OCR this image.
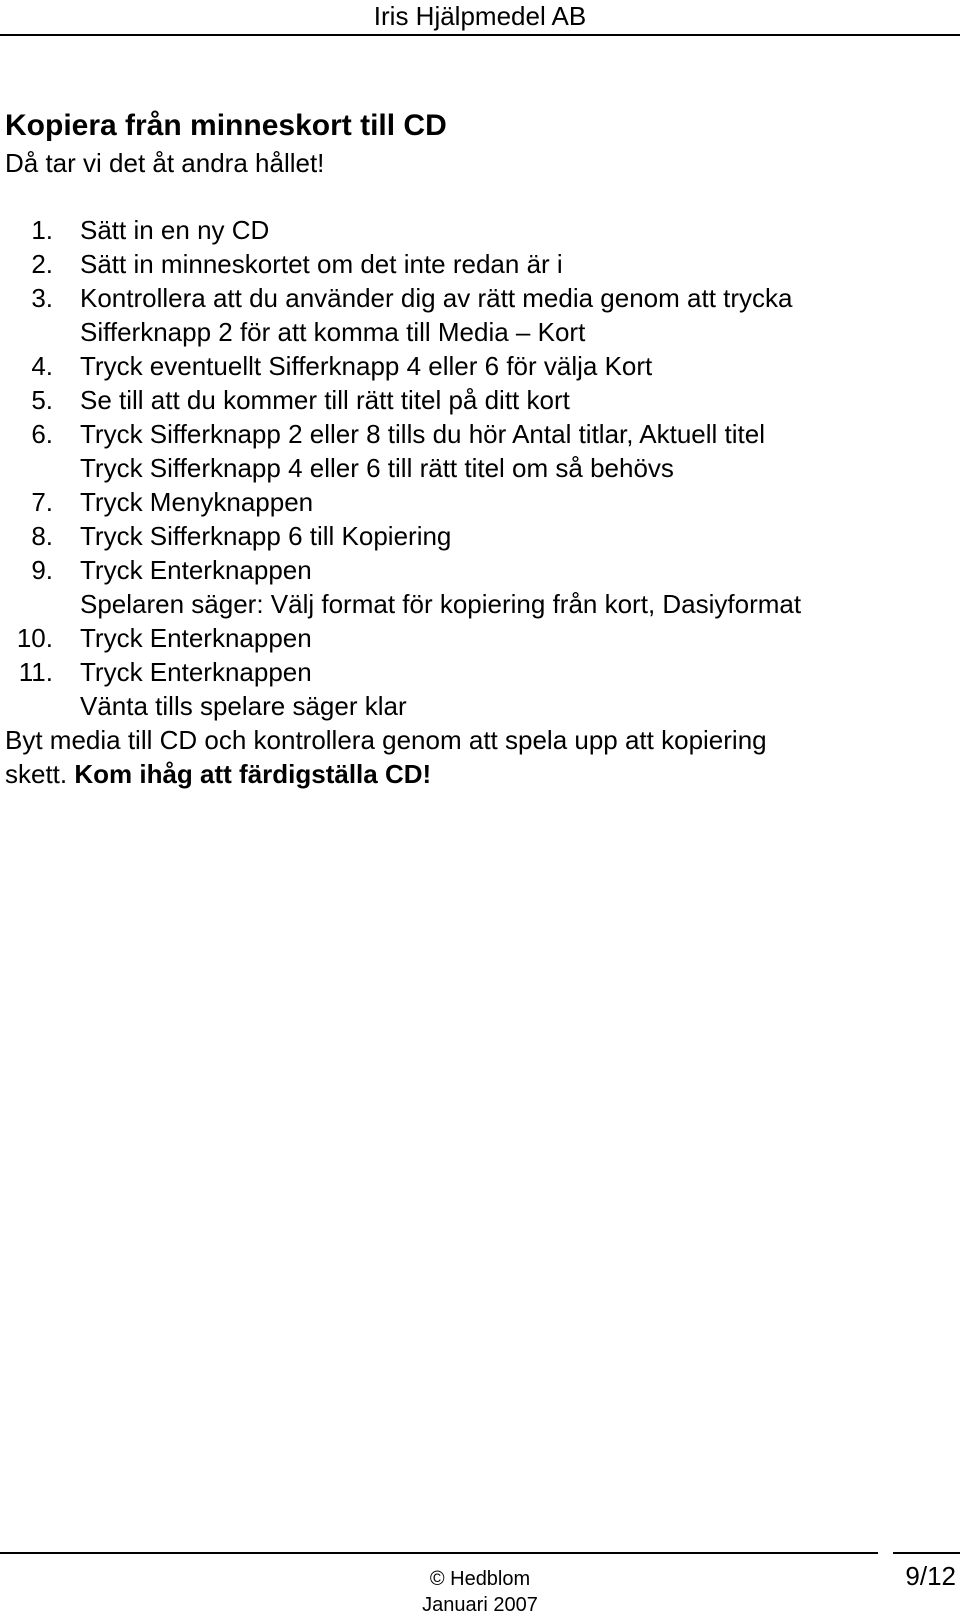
Iris Hjälpmedel AB
Kopiera från minneskort till CD

Då tar vi det åt andra hållet!

1. Sätt in en ny CD
2. Sätt in minneskortet om det inte redan är i
3. Kontrollera att du använder dig av rätt media genom att trycka
Sifferknapp 2 för att komma till Media – Kort
4. Tryck eventuellt Sifferknapp 4 eller 6 för välja Kort
5. Se till att du kommer till rätt titel på ditt kort
6. Tryck Sifferknapp 2 eller 8 tills du hör Antal titlar, Aktuell titel
Tryck Sifferknapp 4 eller 6 till rätt titel om så behövs
7. Tryck Menyknappen
8. Tryck Sifferknapp 6 till Kopiering
9. Tryck Enterknappen
Spelaren säger: Välj format för kopiering från kort, Dasiyformat
10. Tryck Enterknappen
11. Tryck Enterknappen
Vänta tills spelare säger klar

Byt media till CD och kontrollera genom att spela upp att kopiering
skett. Kom ihåg att färdigställa CD!

© Hedblom
Januari 2007
9/12
